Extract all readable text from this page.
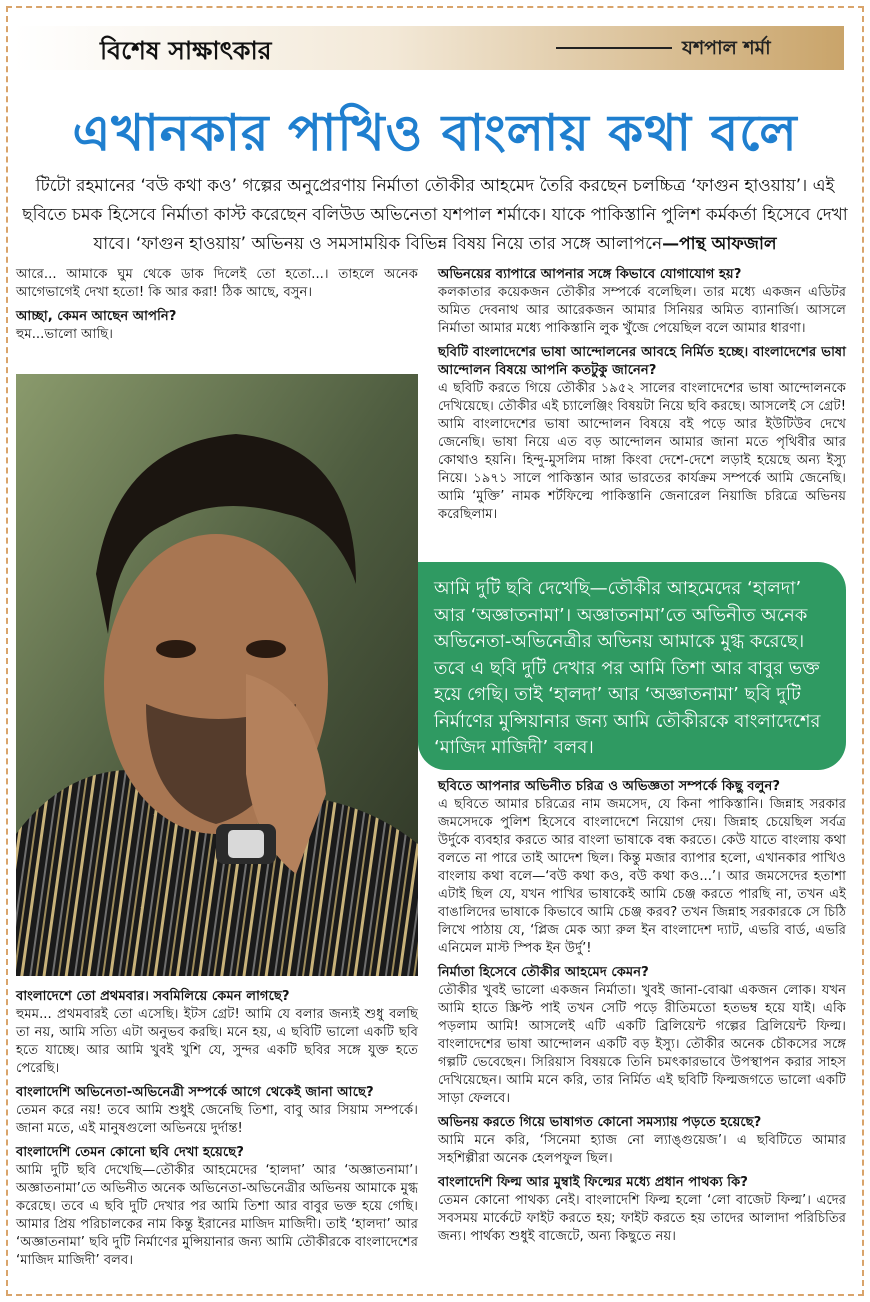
বিশেষ সাক্ষাৎকার	যশপাল শর্মা
এখানকার পাখিও বাংলায় কথা বলে
টিটো রহমানের ‘বউ কথা কও’ গল্পের অনুপ্রেরণায় নির্মাতা তৌকীর আহমেদ তৈরি করছেন চলচ্চিত্র ‘ফাগুন হাওয়ায়’। এই ছবিতে চমক হিসেবে নির্মাতা কাস্ট করেছেন বলিউড অভিনেতা যশপাল শর্মাকে। যাকে পাকিস্তানি পুলিশ কর্মকর্তা হিসেবে দেখা যাবে। ‘ফাগুন হাওয়ায়’ অভিনয় ও সমসাময়িক বিভিন্ন বিষয় নিয়ে তার সঙ্গে আলাপনে—পান্থ আফজাল

আরে... আমাকে ঘুম থেকে ডাক দিলেই তো হতো...। তাহলে অনেক আগেভাগেই দেখা হতো! কি আর করা! ঠিক আছে, বসুন।

আচ্ছা, কেমন আছেন আপনি?

হুম...ভালো আছি।

বাংলাদেশে তো প্রথমবার। সবমিলিয়ে কেমন লাগছে?

হুমম... প্রথমবারই তো এসেছি। ইটস গ্রেট! আমি যে বলার জন্যই শুধু বলছি তা নয়, আমি সত্যি এটা অনুভব করছি। মনে হয়, এ ছবিটি ভালো একটি ছবি হতে যাচ্ছে। আর আমি খুবই খুশি যে, সুন্দর একটি ছবির সঙ্গে যুক্ত হতে পেরেছি।

বাংলাদেশি অভিনেতা-অভিনেত্রী সম্পর্কে আগে থেকেই জানা আছে?

তেমন করে নয়! তবে আমি শুধুই জেনেছি তিশা, বাবু আর সিয়াম সম্পর্কে। জানা মতে, এই মানুষগুলো অভিনয়ে দুর্দান্ত!

বাংলাদেশি তেমন কোনো ছবি দেখা হয়েছে?

আমি দুটি ছবি দেখেছি—তৌকীর আহমেদের ‘হালদা’ আর ‘অজ্ঞাতনামা’। অজ্ঞাতনামা’তে অভিনীত অনেক অভিনেতা-অভিনেত্রীর অভিনয় আমাকে মুগ্ধ করেছে। তবে এ ছবি দুটি দেখার পর আমি তিশা আর বাবুর ভক্ত হয়ে গেছি। আমার প্রিয় পরিচালকের নাম কিন্তু ইরানের মাজিদ মাজিদী। তাই ‘হালদা’ আর ‘অজ্ঞাতনামা’ ছবি দুটি নির্মাণের মুন্সিয়ানার জন্য আমি তৌকীরকে বাংলাদেশের ‘মাজিদ মাজিদী’ বলব।

অভিনয়ের ব্যাপারে আপনার সঙ্গে কিভাবে যোগাযোগ হয়?

কলকাতার কয়েকজন তৌকীর সম্পর্কে বলেছিল। তার মধ্যে একজন এডিটর অমিত দেবনাথ আর আরেকজন আমার সিনিয়র অমিত ব্যানার্জি। আসলে নির্মাতা আমার মধ্যে পাকিস্তানি লুক খুঁজে পেয়েছিল বলে আমার ধারণা।

ছবিটি বাংলাদেশের ভাষা আন্দোলনের আবহে নির্মিত হচ্ছে। বাংলাদেশের ভাষা আন্দোলন বিষয়ে আপনি কতটুকু জানেন?

এ ছবিটি করতে গিয়ে তৌকীর ১৯৫২ সালের বাংলাদেশের ভাষা আন্দোলনকে দেখিয়েছে। তৌকীর এই চ্যালেঞ্জিং বিষয়টা নিয়ে ছবি করছে। আসলেই সে গ্রেট! আমি বাংলাদেশের ভাষা আন্দোলন বিষয়ে বই পড়ে আর ইউটিউব দেখে জেনেছি। ভাষা নিয়ে এত বড় আন্দোলন আমার জানা মতে পৃথিবীর আর কোথাও হয়নি। হিন্দু-মুসলিম দাঙ্গা কিংবা দেশে-দেশে লড়াই হয়েছে অন্য ইস্যু নিয়ে। ১৯৭১ সালে পাকিস্তান আর ভারতের কার্যক্রম সম্পর্কে আমি জেনেছি। আমি ‘মুক্তি’ নামক শর্টফিল্মে পাকিস্তানি জেনারেল নিয়াজি চরিত্রে অভিনয় করেছিলাম।

আমি দুটি ছবি দেখেছি—তৌকীর আহমেদের ‘হালদা’ আর ‘অজ্ঞাতনামা’। অজ্ঞাতনামা’তে অভিনীত অনেক অভিনেতা-অভিনেত্রীর অভিনয় আমাকে মুগ্ধ করেছে। তবে এ ছবি দুটি দেখার পর আমি তিশা আর বাবুর ভক্ত হয়ে গেছি। তাই ‘হালদা’ আর ‘অজ্ঞাতনামা’ ছবি দুটি নির্মাণের মুন্সিয়ানার জন্য আমি তৌকীরকে বাংলাদেশের ‘মাজিদ মাজিদী’ বলব।

ছবিতে আপনার অভিনীত চরিত্র ও অভিজ্ঞতা সম্পর্কে কিছু বলুন?

এ ছবিতে আমার চরিত্রের নাম জমসেদ, যে কিনা পাকিস্তানি। জিন্নাহ সরকার জমসেদকে পুলিশ হিসেবে বাংলাদেশে নিয়োগ দেয়। জিন্নাহ চেয়েছিল সর্বত্র উর্দুকে ব্যবহার করতে আর বাংলা ভাষাকে বন্ধ করতে। কেউ যাতে বাংলায় কথা বলতে না পারে তাই আদেশ ছিল। কিন্তু মজার ব্যাপার হলো, এখানকার পাখিও বাংলায় কথা বলে—‘বউ কথা কও, বউ কথা কও...’। আর জমসেদের হতাশা এটাই ছিল যে, যখন পাখির ভাষাকেই আমি চেঞ্জ করতে পারছি না, তখন এই বাঙালিদের ভাষাকে কিভাবে আমি চেঞ্জ করব? তখন জিন্নাহ সরকারকে সে চিঠি লিখে পাঠায় যে, ‘প্লিজ মেক অ্যা রুল ইন বাংলাদেশ দ্যাট, এভরি বার্ড, এভরি এনিমেল মাস্ট স্পিক ইন উর্দু’!

নির্মাতা হিসেবে তৌকীর আহমেদ কেমন?

তৌকীর খুবই ভালো একজন নির্মাতা। খুবই জানা-বোঝা একজন লোক। যখন আমি হাতে স্ক্রিপ্ট পাই তখন সেটি পড়ে রীতিমতো হতভম্ব হয়ে যাই। একি পড়লাম আমি! আসলেই এটি একটি ব্রিলিয়েন্ট গল্পের ব্রিলিয়েন্ট ফিল্ম। বাংলাদেশের ভাষা আন্দোলন একটি বড় ইস্যু। তৌকীর অনেক চৌকসের সঙ্গে গল্পটি ভেবেছেন। সিরিয়াস বিষয়কে তিনি চমৎকারভাবে উপস্থাপন করার সাহস দেখিয়েছেন। আমি মনে করি, তার নির্মিত এই ছবিটি ফিল্মজগতে ভালো একটি সাড়া ফেলবে।

অভিনয় করতে গিয়ে ভাষাগত কোনো সমস্যায় পড়তে হয়েছে?

আমি মনে করি, ‘সিনেমা হ্যাজ নো ল্যাঙ্গুয়েজ’। এ ছবিটিতে আমার সহশিল্পীরা অনেক হেলপফুল ছিল।

বাংলাদেশি ফিল্ম আর মুম্বাই ফিল্মের মধ্যে প্রধান পাথক্য কি?

তেমন কোনো পাথক্য নেই। বাংলাদেশি ফিল্ম হলো ‘লো বাজেট ফিল্ম’। এদের সবসময় মার্কেটে ফাইট করতে হয়; ফাইট করতে হয় তাদের আলাদা পরিচিতির জন্য। পার্থক্য শুধুই বাজেটে, অন্য কিছুতে নয়।
